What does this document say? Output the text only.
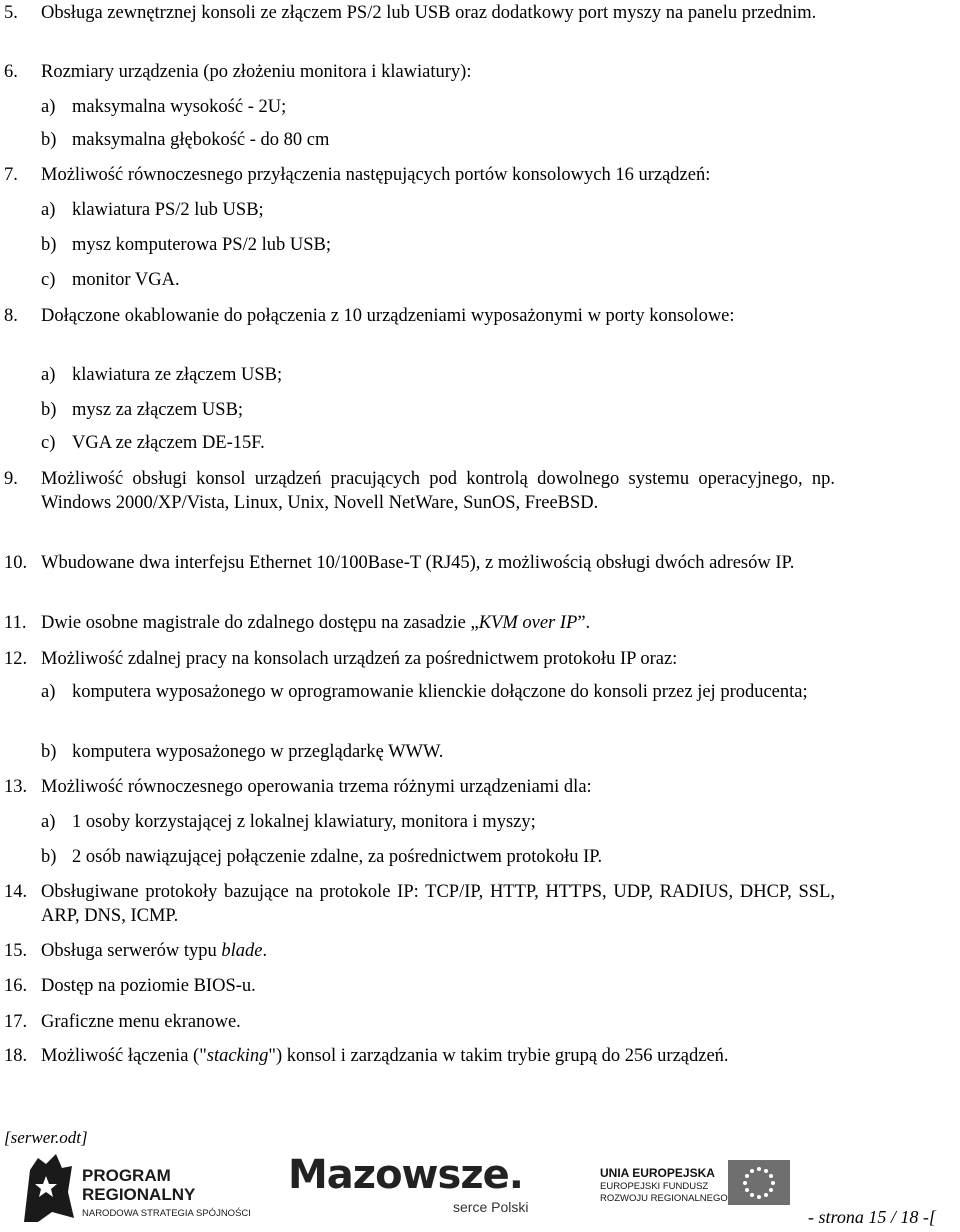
5. Obsługa zewnętrznej konsoli ze złączem PS/2 lub USB oraz dodatkowy port myszy na panelu przednim.
6. Rozmiary urządzenia (po złożeniu monitora i klawiatury):
a) maksymalna wysokość - 2U;
b) maksymalna głębokość - do 80 cm
7. Możliwość równoczesnego przyłączenia następujących portów konsolowych 16 urządzeń:
a) klawiatura PS/2 lub USB;
b) mysz komputerowa PS/2 lub USB;
c) monitor VGA.
8. Dołączone okablowanie do połączenia z 10 urządzeniami wyposażonymi w porty konsolowe:
a) klawiatura ze złączem USB;
b) mysz za złączem USB;
c) VGA ze złączem DE-15F.
9. Możliwość obsługi konsol urządzeń pracujących pod kontrolą dowolnego systemu operacyjnego, np. Windows 2000/XP/Vista, Linux, Unix, Novell NetWare, SunOS, FreeBSD.
10. Wbudowane dwa interfejsu Ethernet 10/100Base-T (RJ45), z możliwością obsługi dwóch adresów IP.
11. Dwie osobne magistrale do zdalnego dostępu na zasadzie „KVM over IP”.
12. Możliwość zdalnej pracy na konsolach urządzeń za pośrednictwem protokołu IP oraz:
a) komputera wyposażonego w oprogramowanie klienckie dołączone do konsoli przez jej producenta;
b) komputera wyposażonego w przeglądarkę WWW.
13. Możliwość równoczesnego operowania trzema różnymi urządzeniami dla:
a) 1 osoby korzystającej z lokalnej klawiatury, monitora i myszy;
b) 2 osób nawiązującej połączenie zdalne, za pośrednictwem protokołu IP.
14. Obsługiwane protokoły bazujące na protokole IP: TCP/IP, HTTP, HTTPS, UDP, RADIUS, DHCP, SSL, ARP, DNS, ICMP.
15. Obsługa serwerów typu blade.
16. Dostęp na poziomie BIOS-u.
17. Graficzne menu ekranowe.
18. Możliwość łączenia ("stacking") konsol i zarządzania w takim trybie grupą do 256 urządzeń.
[serwer.odt]
PROGRAM
REGIONALNY
NARODOWA STRATEGIA SPÓJNOŚCI
Mazowsze.
serce Polski
UNIA EUROPEJSKA
EUROPEJSKI FUNDUSZ
ROZWOJU REGIONALNEGO
- strona 15 / 18 -[
